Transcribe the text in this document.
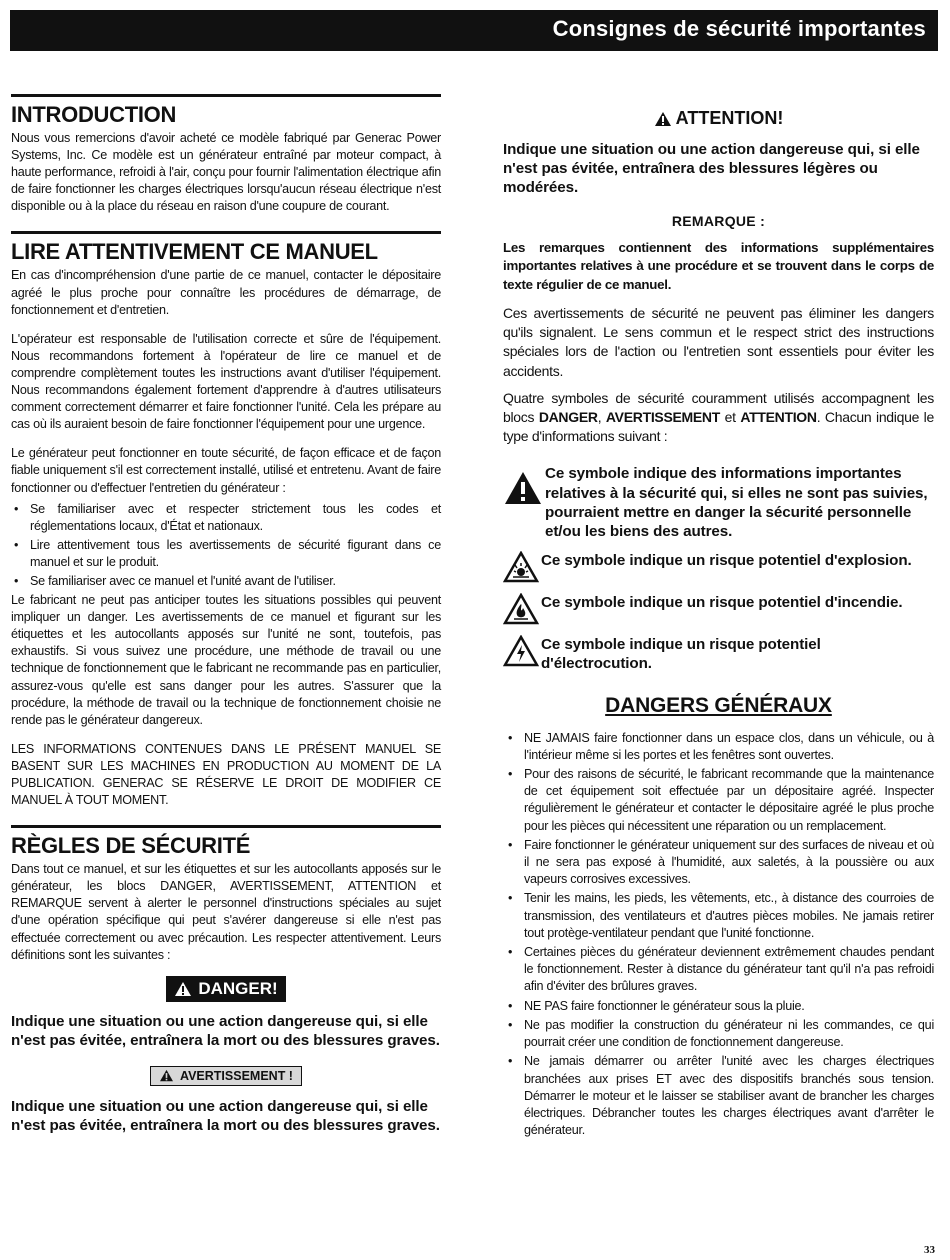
Consignes de sécurité importantes
INTRODUCTION

Nous vous remercions d'avoir acheté ce modèle fabriqué par Generac Power Systems, Inc. Ce modèle est un générateur entraîné par moteur compact, à haute performance, refroidi à l'air, conçu pour fournir l'alimentation électrique afin de faire fonctionner les charges électriques lorsqu'aucun réseau électrique n'est disponible ou à la place du réseau en raison d'une coupure de courant.

LIRE ATTENTIVEMENT CE MANUEL

En cas d'incompréhension d'une partie de ce manuel, contacter le dépositaire agréé le plus proche pour connaître les procédures de démarrage, de fonctionnement et d'entretien.

L'opérateur est responsable de l'utilisation correcte et sûre de l'équipement. Nous recommandons fortement à l'opérateur de lire ce manuel et de comprendre complètement toutes les instructions avant d'utiliser l'équipement. Nous recommandons également fortement d'apprendre à d'autres utilisateurs comment correctement démarrer et faire fonctionner l'unité. Cela les prépare au cas où ils auraient besoin de faire fonctionner l'équipement pour une urgence.

Le générateur peut fonctionner en toute sécurité, de façon efficace et de façon fiable uniquement s'il est correctement installé, utilisé et entretenu. Avant de faire fonctionner ou d'effectuer l'entretien du générateur :

• Se familiariser avec et respecter strictement tous les codes et réglementations locaux, d'État et nationaux.
• Lire attentivement tous les avertissements de sécurité figurant dans ce manuel et sur le produit.
• Se familiariser avec ce manuel et l'unité avant de l'utiliser.

Le fabricant ne peut pas anticiper toutes les situations possibles qui peuvent impliquer un danger. Les avertissements de ce manuel et figurant sur les étiquettes et les autocollants apposés sur l'unité ne sont, toutefois, pas exhaustifs. Si vous suivez une procédure, une méthode de travail ou une technique de fonctionnement que le fabricant ne recommande pas en particulier, assurez-vous qu'elle est sans danger pour les autres. S'assurer que la procédure, la méthode de travail ou la technique de fonctionnement choisie ne rende pas le générateur dangereux.

LES INFORMATIONS CONTENUES DANS LE PRÉSENT MANUEL SE BASENT SUR LES MACHINES EN PRODUCTION AU MOMENT DE LA PUBLICATION. GENERAC SE RÉSERVE LE DROIT DE MODIFIER CE MANUEL À TOUT MOMENT.

RÈGLES DE SÉCURITÉ

Dans tout ce manuel, et sur les étiquettes et sur les autocollants apposés sur le générateur, les blocs DANGER, AVERTISSEMENT, ATTENTION et REMARQUE servent à alerter le personnel d'instructions spéciales au sujet d'une opération spécifique qui peut s'avérer dangereuse si elle n'est pas effectuée correctement ou avec précaution. Les respecter attentivement. Leurs définitions sont les suivantes :

DANGER!

Indique une situation ou une action dangereuse qui, si elle n'est pas évitée, entraînera la mort ou des blessures graves.

AVERTISSEMENT !

Indique une situation ou une action dangereuse qui, si elle n'est pas évitée, entraînera la mort ou des blessures graves.

ATTENTION!

Indique une situation ou une action dangereuse qui, si elle n'est pas évitée, entraînera des blessures légères ou modérées.

REMARQUE :

Les remarques contiennent des informations supplémentaires importantes relatives à une procédure et se trouvent dans le corps de texte régulier de ce manuel.

Ces avertissements de sécurité ne peuvent pas éliminer les dangers qu'ils signalent. Le sens commun et le respect strict des instructions spéciales lors de l'action ou l'entretien sont essentiels pour éviter les accidents.

Quatre symboles de sécurité couramment utilisés accompagnent les blocs DANGER, AVERTISSEMENT et ATTENTION. Chacun indique le type d'informations suivant :

Ce symbole indique des informations importantes relatives à la sécurité qui, si elles ne sont pas suivies, pourraient mettre en danger la sécurité personnelle et/ou les biens des autres.
Ce symbole indique un risque potentiel d'explosion.
Ce symbole indique un risque potentiel d'incendie.
Ce symbole indique un risque potentiel d'électrocution.
DANGERS GÉNÉRAUX
• NE JAMAIS faire fonctionner dans un espace clos, dans un véhicule, ou à l'intérieur même si les portes et les fenêtres sont ouvertes.
• Pour des raisons de sécurité, le fabricant recommande que la maintenance de cet équipement soit effectuée par un dépositaire agréé. Inspecter régulièrement le générateur et contacter le dépositaire agréé le plus proche pour les pièces qui nécessitent une réparation ou un remplacement.
• Faire fonctionner le générateur uniquement sur des surfaces de niveau et où il ne sera pas exposé à l'humidité, aux saletés, à la poussière ou aux vapeurs corrosives excessives.
• Tenir les mains, les pieds, les vêtements, etc., à distance des courroies de transmission, des ventilateurs et d'autres pièces mobiles. Ne jamais retirer tout protège-ventilateur pendant que l'unité fonctionne.
• Certaines pièces du générateur deviennent extrêmement chaudes pendant le fonctionnement. Rester à distance du générateur tant qu'il n'a pas refroidi afin d'éviter des brûlures graves.
• NE PAS faire fonctionner le générateur sous la pluie.
• Ne pas modifier la construction du générateur ni les commandes, ce qui pourrait créer une condition de fonctionnement dangereuse.
• Ne jamais démarrer ou arrêter l'unité avec les charges électriques branchées aux prises ET avec des dispositifs branchés sous tension. Démarrer le moteur et le laisser se stabiliser avant de brancher les charges électriques. Débrancher toutes les charges électriques avant d'arrêter le générateur.
33
